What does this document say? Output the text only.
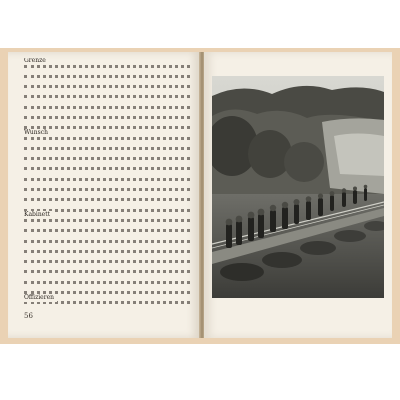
Grenze
Wunsch
Kabinett
Offizieren
56
